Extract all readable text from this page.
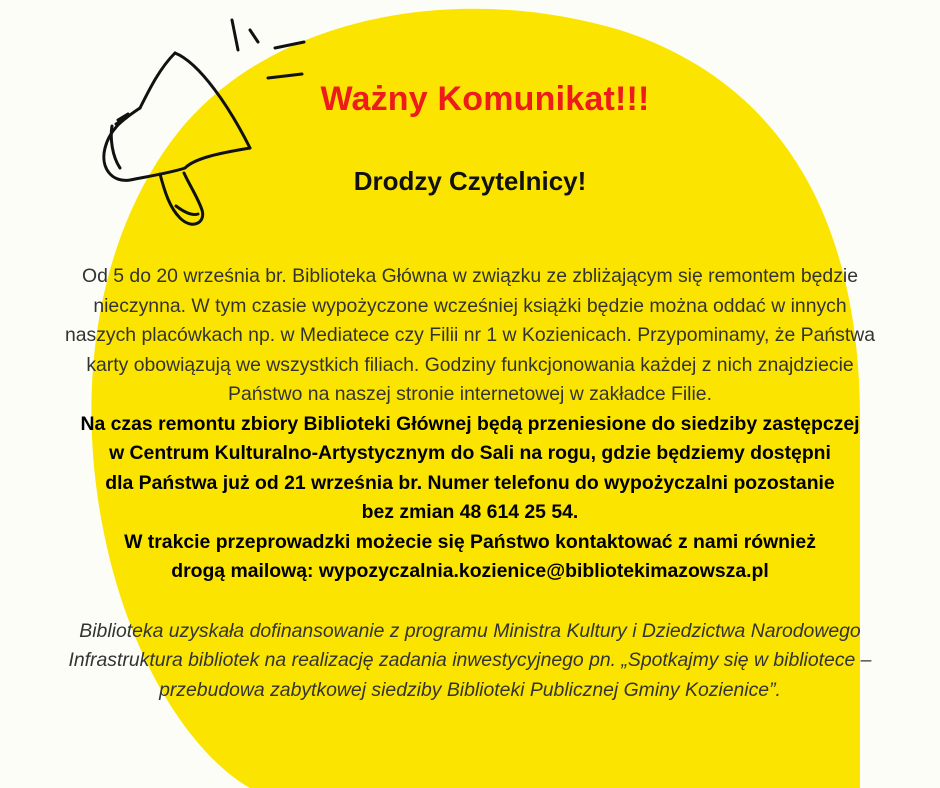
Ważny Komunikat!!!
Drodzy Czytelnicy!
Od 5 do 20 września br. Biblioteka Główna w związku ze zbliżającym się remontem będzie
nieczynna. W tym czasie wypożyczone wcześniej książki będzie można oddać w innych
naszych placówkach np. w Mediatece czy Filii nr 1 w Kozienicach. Przypominamy, że Państwa
karty obowiązują we wszystkich filiach. Godziny funkcjonowania każdej z nich znajdziecie
Państwo na naszej stronie internetowej w zakładce Filie.
Na czas remontu zbiory Biblioteki Głównej będą przeniesione do siedziby zastępczej
w Centrum Kulturalno-Artystycznym do Sali na rogu, gdzie będziemy dostępni
dla Państwa już od 21 września br. Numer telefonu do wypożyczalni pozostanie
bez zmian 48 614 25 54.
W trakcie przeprowadzki możecie się Państwo kontaktować z nami również
drogą mailową: wypozyczalnia.kozienice@bibliotekimazowsza.pl
Biblioteka uzyskała dofinansowanie z programu Ministra Kultury i Dziedzictwa Narodowego
Infrastruktura bibliotek na realizację zadania inwestycyjnego pn. „Spotkajmy się w bibliotece –
przebudowa zabytkowej siedziby Biblioteki Publicznej Gminy Kozienice”.
